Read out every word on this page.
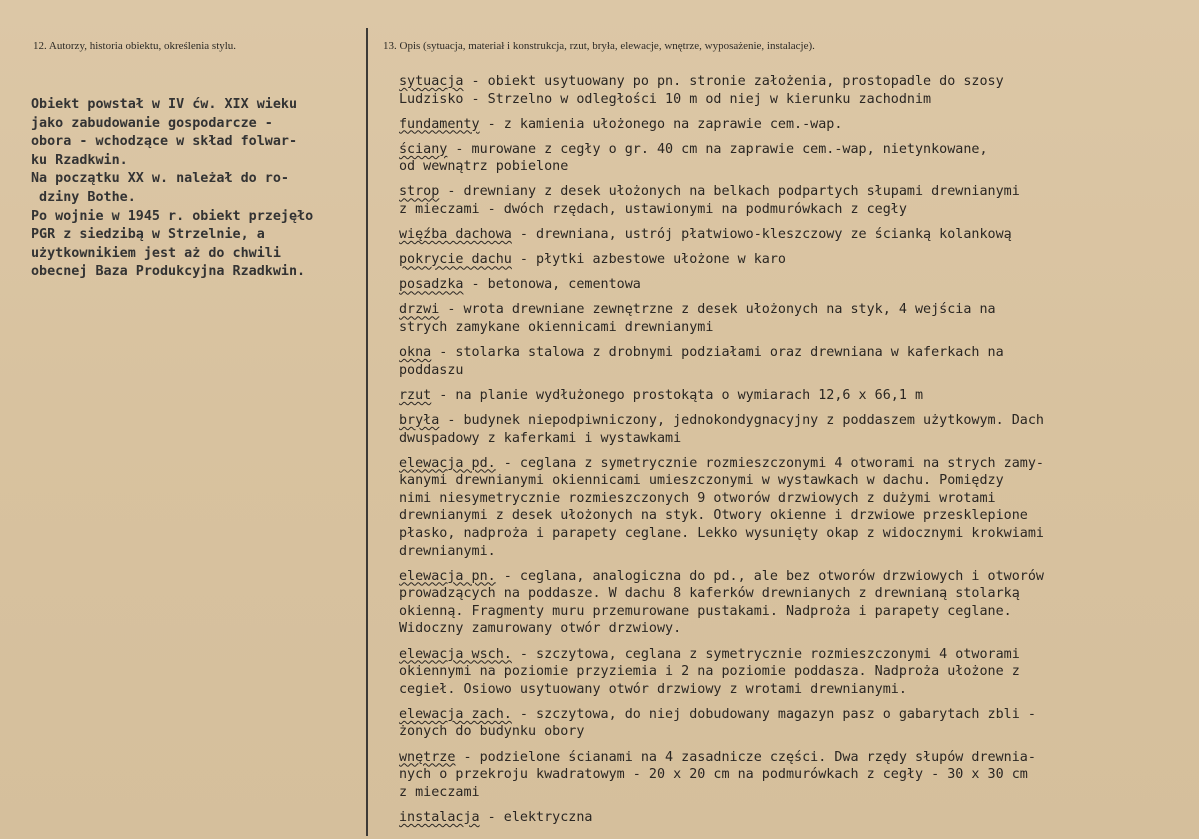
12. Autorzy, historia obiektu, określenia stylu.	13. Opis (sytuacja, materiał i konstrukcja, rzut, bryła, elewacje, wnętrze, wyposażenie, instalacje).
Obiekt powstał w IV ćw. XIX wieku
jako zabudowanie gospodarcze -
obora - wchodzące w skład folwar-
ku Rzadkwin.
Na początku XX w. należał do ro-
dziny Bothe.
Po wojnie w 1945 r. obiekt przejęło
PGR z siedzibą w Strzelnie, a
użytkownikiem jest aż do chwili
obecnej Baza Produkcyjna Rzadkwin.
sytuacja - obiekt usytuowany po pn. stronie założenia, prostopadle do szosy
Ludzisko - Strzelno w odległości 10 m od niej w kierunku zachodnim
fundamenty - z kamienia ułożonego na zaprawie cem.-wap.
ściany - murowane z cegły o gr. 40 cm na zaprawie cem.-wap, nietynkowane,
od wewnątrz pobielone
strop - drewniany z desek ułożonych na belkach podpartych słupami drewnianymi
z mieczami - dwóch rzędach, ustawionymi na podmurówkach z cegły
więźba dachowa - drewniana, ustrój płatwiowo-kleszczowy ze ścianką kolankową
pokrycie dachu - płytki azbestowe ułożone w karo
posadzka - betonowa, cementowa
drzwi - wrota drewniane zewnętrzne z desek ułożonych na styk, 4 wejścia na
strych zamykane okiennicami drewnianymi
okna - stolarka stalowa z drobnymi podziałami oraz drewniana w kaferkach na
poddaszu
rzut - na planie wydłużonego prostokąta o wymiarach 12,6 x 66,1 m
bryła - budynek niepodpiwniczony, jednokondygnacyjny z poddaszem użytkowym. Dach
dwuspadowy z kaferkami i wystawkami
elewacja pd. - ceglana z symetrycznie rozmieszczonymi 4 otworami na strych zamy-
kanymi drewnianymi okiennicami umieszczonymi w wystawkach w dachu. Pomiędzy
nimi niesymetrycznie rozmieszczonych 9 otworów drzwiowych z dużymi wrotami
drewnianymi z desek ułożonych na styk. Otwory okienne i drzwiowe przesklepione
płasko, nadproża i parapety ceglane. Lekko wysunięty okap z widocznymi krokwiami
drewnianymi.
elewacja pn. - ceglana, analogiczna do pd., ale bez otworów drzwiowych i otworów
prowadzących na poddasze. W dachu 8 kaferków drewnianych z drewnianą stolarką
okienną. Fragmenty muru przemurowane pustakami. Nadproża i parapety ceglane.
Widoczny zamurowany otwór drzwiowy.
elewacja wsch. - szczytowa, ceglana z symetrycznie rozmieszczonymi 4 otworami
okiennymi na poziomie przyziemia i 2 na poziomie poddasza. Nadproża ułożone z
cegieł. Osiowo usytuowany otwór drzwiowy z wrotami drewnianymi.
elewacja zach. - szczytowa, do niej dobudowany magazyn pasz o gabarytach zbli -
żonych do budynku obory
wnętrze - podzielone ścianami na 4 zasadnicze części. Dwa rzędy słupów drewnia-
nych o przekroju kwadratowym - 20 x 20 cm na podmurówkach z cegły - 30 x 30 cm
z mieczami
instalacja - elektryczna
